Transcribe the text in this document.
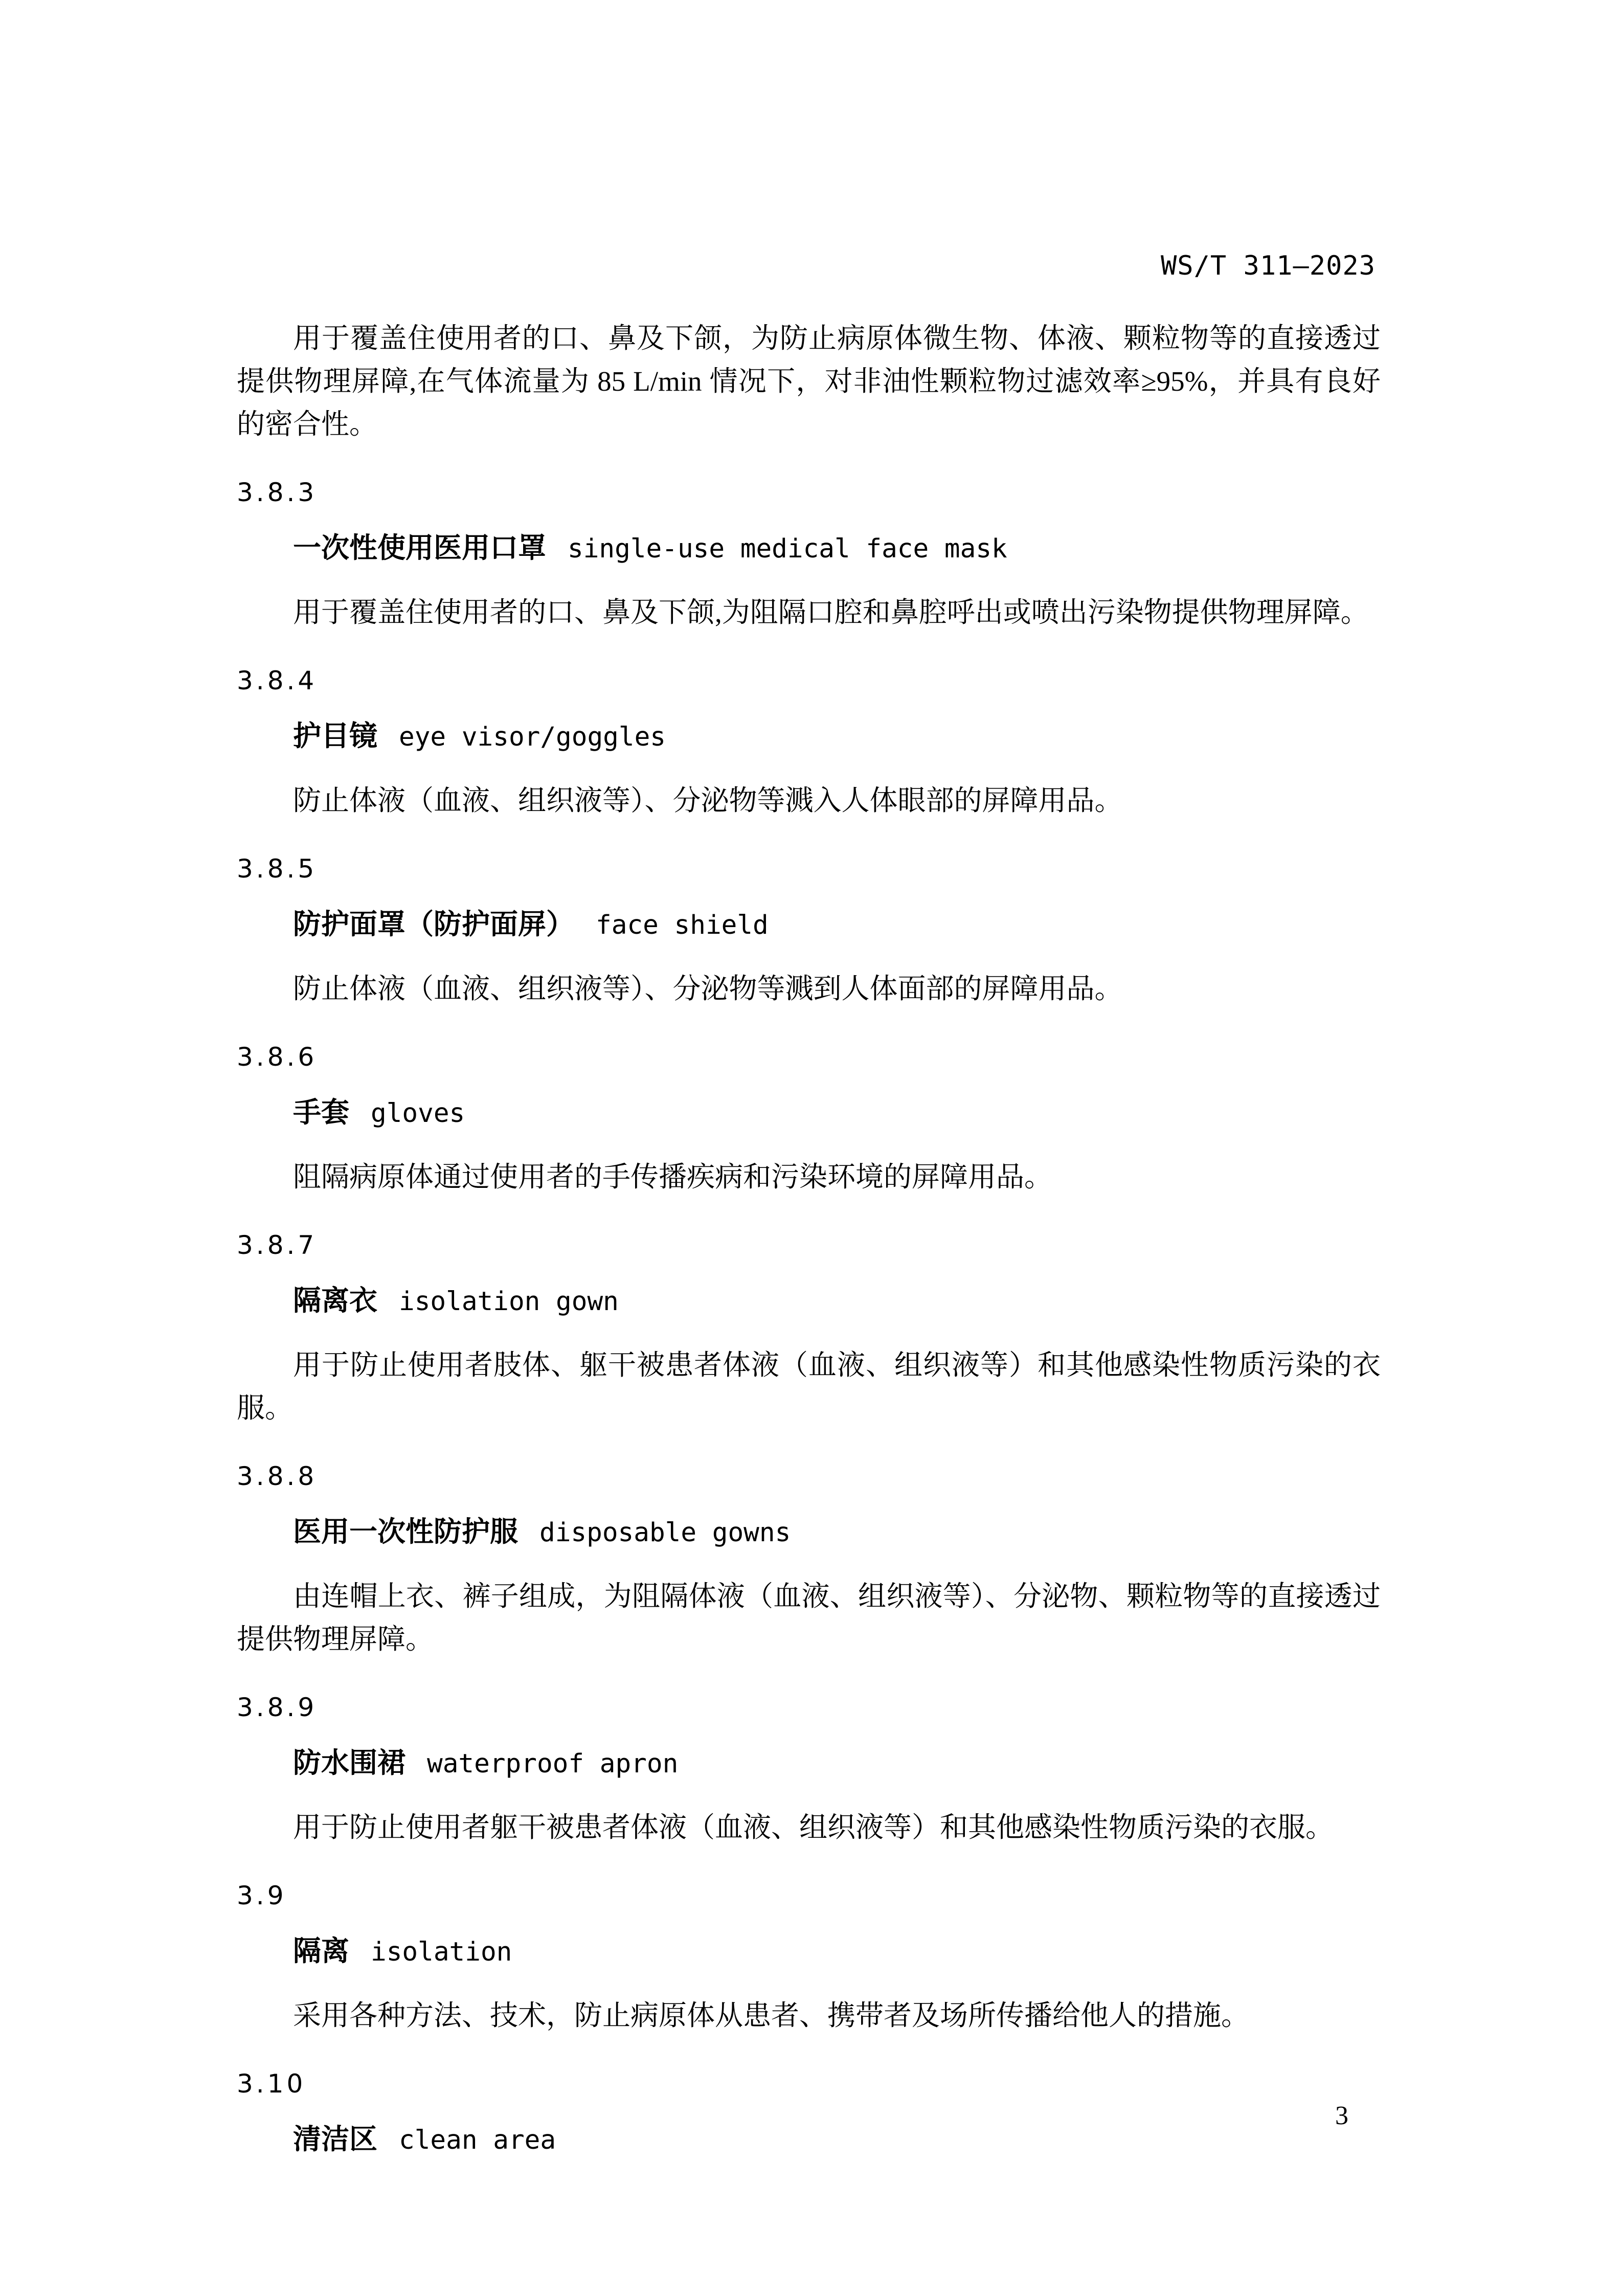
WS/T 311—2023

用于覆盖住使用者的口、鼻及下颌，为防止病原体微生物、体液、颗粒物等的直接透过提供物理屏障,在气体流量为 85 L/min 情况下，对非油性颗粒物过滤效率≥95%，并具有良好的密合性。

3.8.3
一次性使用医用口罩 single-use medical face mask

用于覆盖住使用者的口、鼻及下颌,为阻隔口腔和鼻腔呼出或喷出污染物提供物理屏障。

3.8.4
护目镜 eye visor/goggles

防止体液（血液、组织液等）、分泌物等溅入人体眼部的屏障用品。

3.8.5
防护面罩（防护面屏） face shield

防止体液（血液、组织液等）、分泌物等溅到人体面部的屏障用品。

3.8.6
手套 gloves

阻隔病原体通过使用者的手传播疾病和污染环境的屏障用品。

3.8.7
隔离衣 isolation gown

用于防止使用者肢体、躯干被患者体液（血液、组织液等）和其他感染性物质污染的衣服。

3.8.8
医用一次性防护服 disposable gowns

由连帽上衣、裤子组成，为阻隔体液（血液、组织液等）、分泌物、颗粒物等的直接透过提供物理屏障。

3.8.9
防水围裙 waterproof apron

用于防止使用者躯干被患者体液（血液、组织液等）和其他感染性物质污染的衣服。

3.9
隔离 isolation

采用各种方法、技术，防止病原体从患者、携带者及场所传播给他人的措施。

3.10
清洁区 clean area
3
